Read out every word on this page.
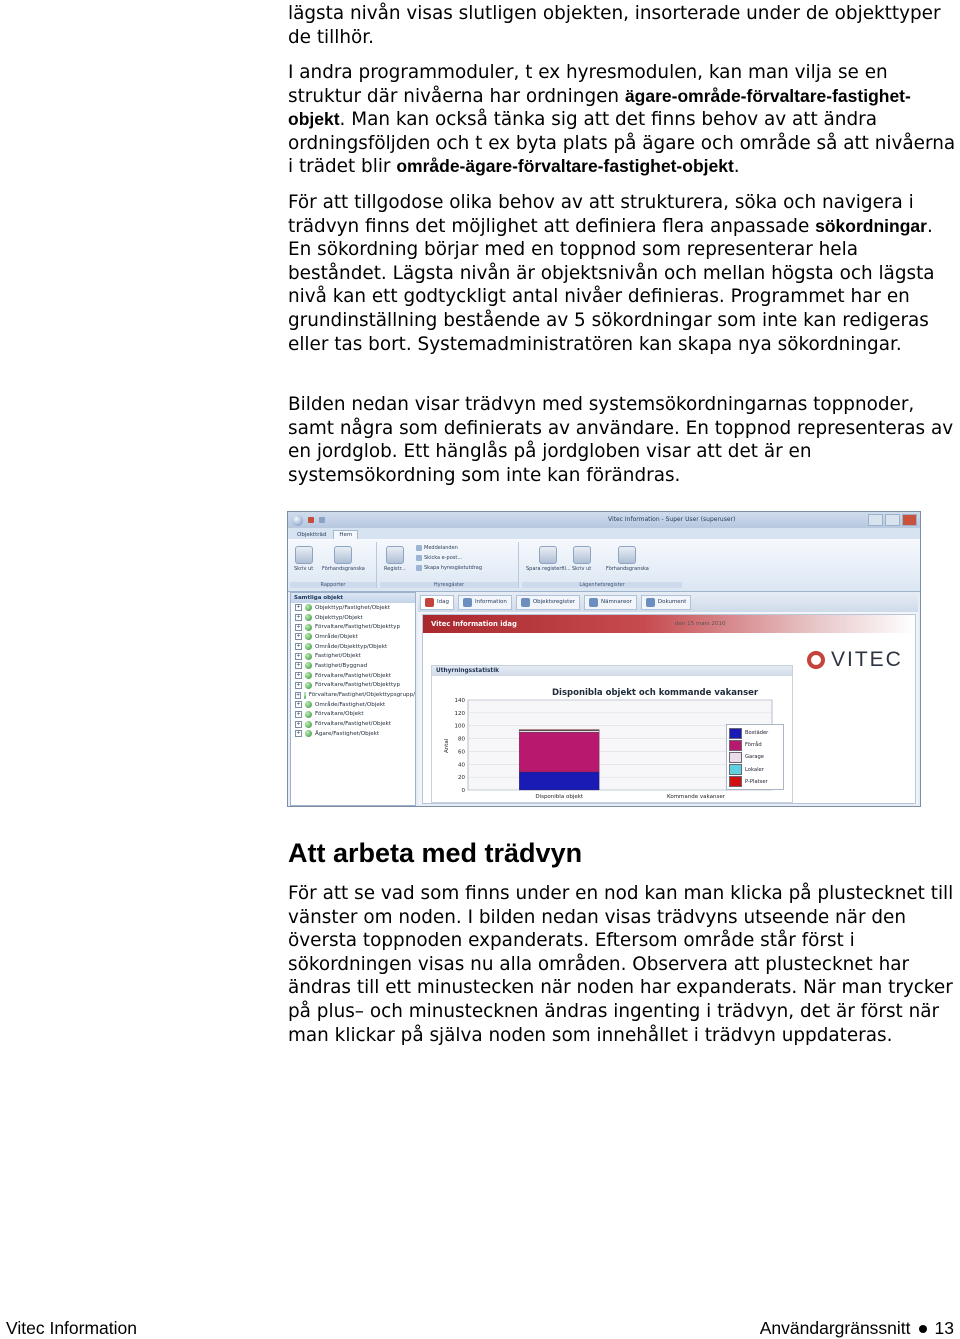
lägsta nivån visas slutligen objekten, insorterade under de objekttyper de tillhör.

I andra programmoduler, t ex hyresmodulen, kan man vilja se en struktur där nivåerna har ordningen ägare-område-förvaltare-fastighet-objekt. Man kan också tänka sig att det finns behov av att ändra ordningsföljden och t ex byta plats på ägare och område så att nivåerna i trädet blir område-ägare-förvaltare-fastighet-objekt.

För att tillgodose olika behov av att strukturera, söka och navigera i trädvyn finns det möjlighet att definiera flera anpassade sökordningar. En sökordning börjar med en toppnod som representerar hela beståndet. Lägsta nivån är objektsnivån och mellan högsta och lägsta nivå kan ett godtyckligt antal nivåer definieras. Programmet har en grundinställning bestående av 5 sökordningar som inte kan redigeras eller tas bort. Systemadministratören kan skapa nya sökordningar.

Bilden nedan visar trädvyn med systemsökordningarnas toppnoder, samt några som definierats av användare. En toppnod representeras av en jordglob. Ett hänglås på jordgloben visar att det är en systemsökordning som inte kan förändras.

Vitec Information - Super User (superuser)
Objektträd	Hem
Skriv ut Förhandsgranska
Rapporter
Registr...
Meddelanden
Skicka e-post...
Skapa hyresgästutdrag
Hyresgäster
Spara registerfil... Skriv ut	Förhandsgranska
Lägenhetsregister
Samtliga objekt
+	Objekttyp/Fastighet/Objekt
+	Objekttyp/Objekt
+	Förvaltare/Fastighet/Objekttyp
+	Område/Objekt
+	Område/Objekttyp/Objekt
+	Fastighet/Objekt
+	Fastighet/Byggnad
+	Förvaltare/Fastighet/Objekt
+	Förvaltare/Fastighet/Objekttyp
+ Förvaltare/Fastighet/Objekttypsgrupp/
+	Område/Fastighet/Objekt
+	Förvaltare/Objekt
+	Förvaltare/Fastighet/Objekt
+	Ägare/Fastighet/Objekt
Idag	Information	Objektsregister	Nämnareor	Dokument
Vitec Information idag	den 15 mars 2010
VITEC
Uthyrningsstatistik
Disponibla objekt och kommande vakanser
140
120
100
80
60
40
20
0
Antal
Disponibla objekt	Kommande vakanser
Bostäder
Förråd
Garage
Lokaler
P-Platser
Att arbeta med trädvyn

För att se vad som finns under en nod kan man klicka på plustecknet till vänster om noden. I bilden nedan visas trädvyns utseende när den översta toppnoden expanderats. Eftersom område står först i sökordningen visas nu alla områden. Observera att plustecknet har ändras till ett minustecken när noden har expanderats. När man trycker på plus– och minustecknen ändras ingenting i trädvyn, det är först när man klickar på själva noden som innehållet i trädvyn uppdateras.

Vitec Information	Användargränssnitt 13
